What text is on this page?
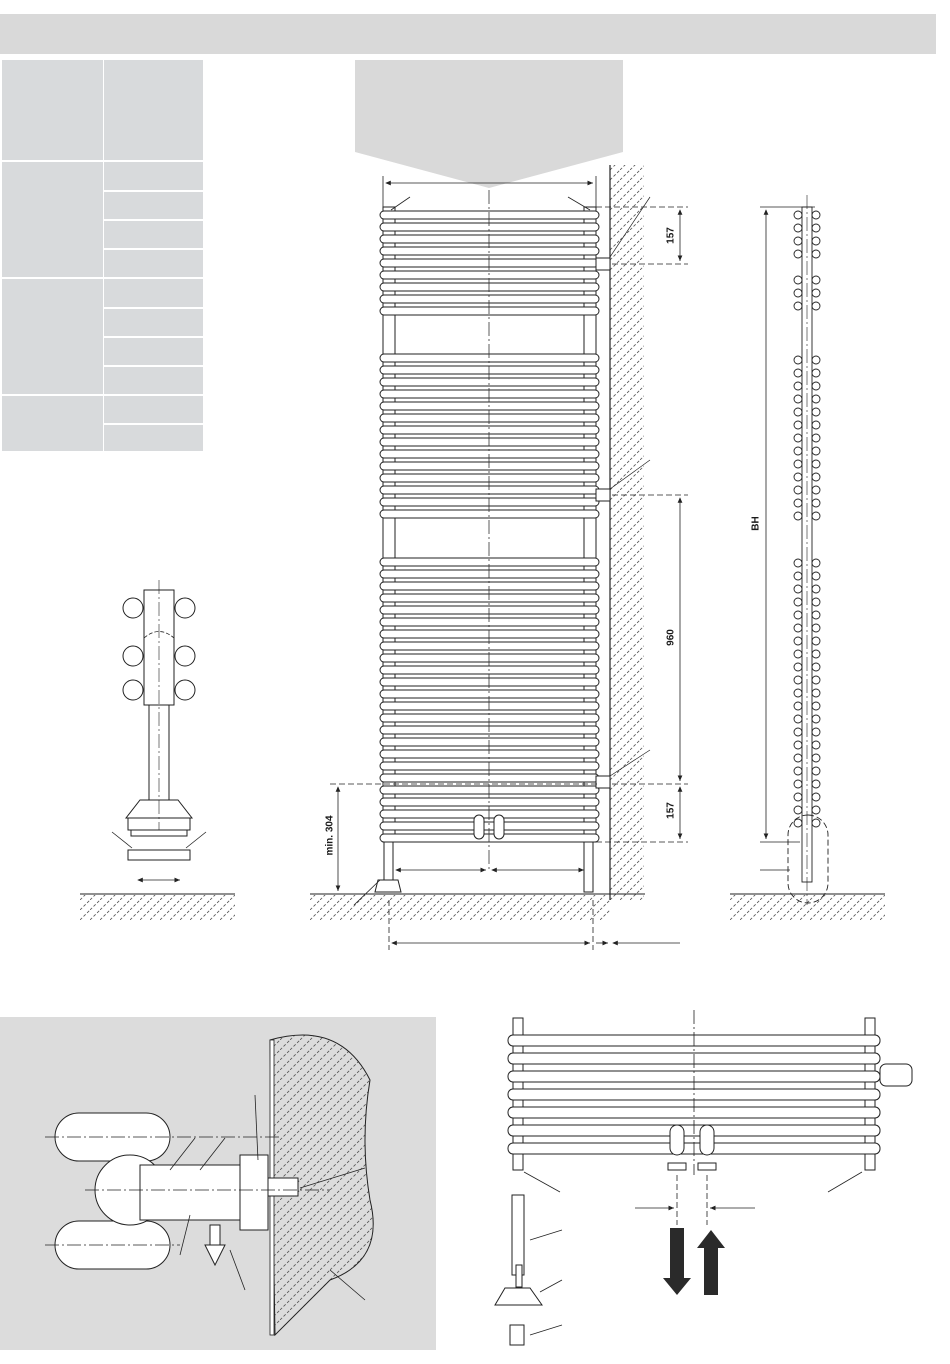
157
960
157
min. 304
BH
